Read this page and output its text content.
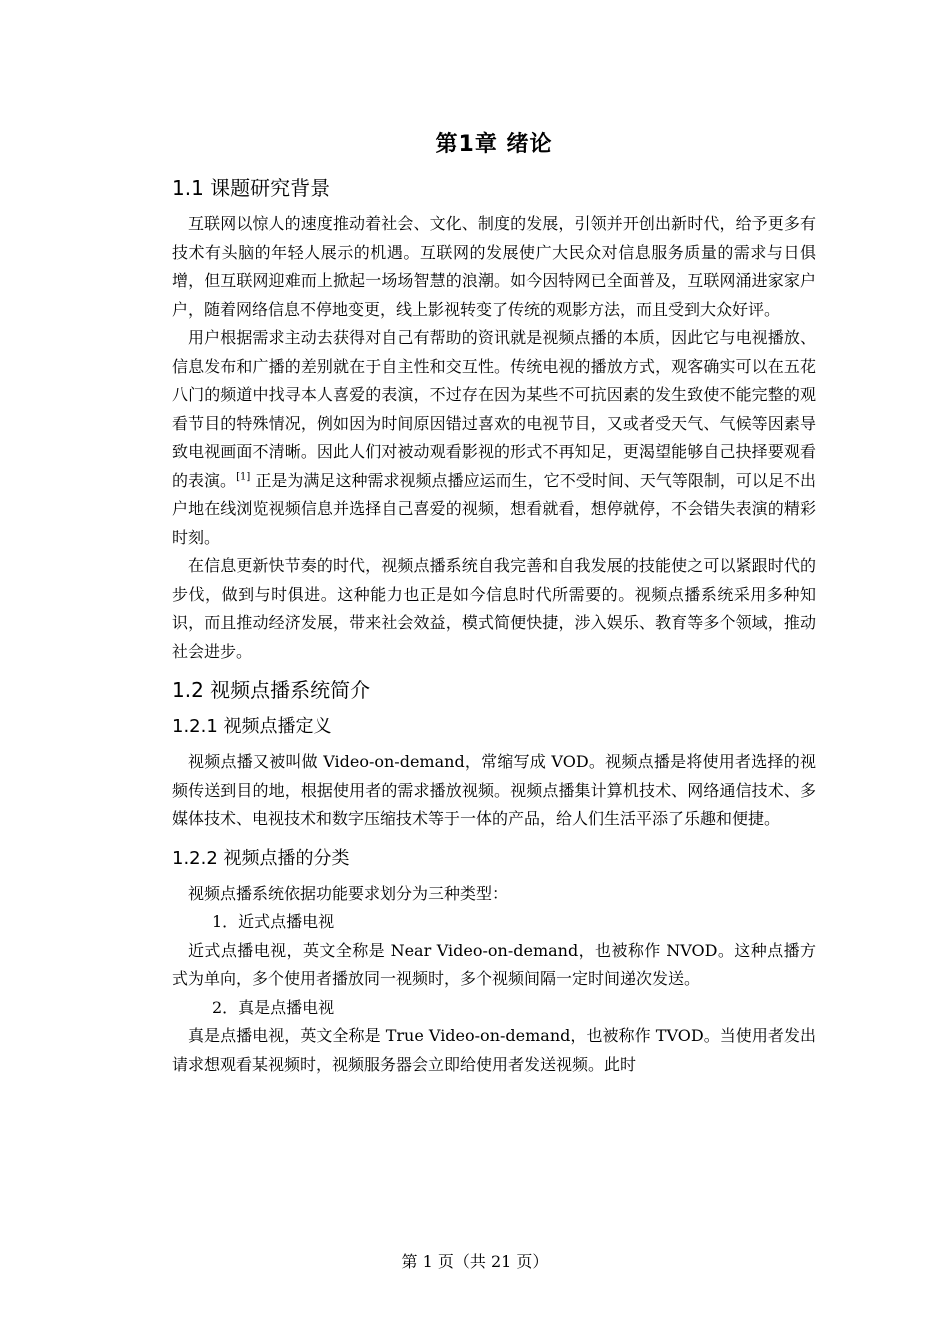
第1章 绪论
1.1 课题研究背景

互联网以惊人的速度推动着社会、文化、制度的发展，引领并开创出新时代，给予更多有技术有头脑的年轻人展示的机遇。互联网的发展使广大民众对信息服务质量的需求与日俱增，但互联网迎难而上掀起一场场智慧的浪潮。如今因特网已全面普及，互联网涌进家家户户，随着网络信息不停地变更，线上影视转变了传统的观影方法，而且受到大众好评。

用户根据需求主动去获得对自己有帮助的资讯就是视频点播的本质，因此它与电视播放、信息发布和广播的差别就在于自主性和交互性。传统电视的播放方式，观客确实可以在五花八门的频道中找寻本人喜爱的表演，不过存在因为某些不可抗因素的发生致使不能完整的观看节目的特殊情况，例如因为时间原因错过喜欢的电视节目，又或者受天气、气候等因素导致电视画面不清晰。因此人们对被动观看影视的形式不再知足，更渴望能够自己抉择要观看的表演。[1] 正是为满足这种需求视频点播应运而生，它不受时间、天气等限制，可以足不出户地在线浏览视频信息并选择自己喜爱的视频，想看就看，想停就停，不会错失表演的精彩时刻。

在信息更新快节奏的时代，视频点播系统自我完善和自我发展的技能使之可以紧跟时代的步伐，做到与时俱进。这种能力也正是如今信息时代所需要的。视频点播系统采用多种知识，而且推动经济发展，带来社会效益，模式简便快捷，涉入娱乐、教育等多个领域，推动社会进步。

1.2 视频点播系统简介
1.2.1 视频点播定义

视频点播又被叫做 Video-on-demand，常缩写成 VOD。视频点播是将使用者选择的视频传送到目的地，根据使用者的需求播放视频。视频点播集计算机技术、网络通信技术、多媒体技术、电视技术和数字压缩技术等于一体的产品，给人们生活平添了乐趣和便捷。

1.2.2 视频点播的分类

视频点播系统依据功能要求划分为三种类型：

1．近式点播电视

近式点播电视，英文全称是 Near Video-on-demand，也被称作 NVOD。这种点播方式为单向，多个使用者播放同一视频时，多个视频间隔一定时间递次发送。

2．真是点播电视

真是点播电视，英文全称是 True Video-on-demand，也被称作 TVOD。当使用者发出请求想观看某视频时，视频服务器会立即给使用者发送视频。此时

第 1 页（共 21 页）
